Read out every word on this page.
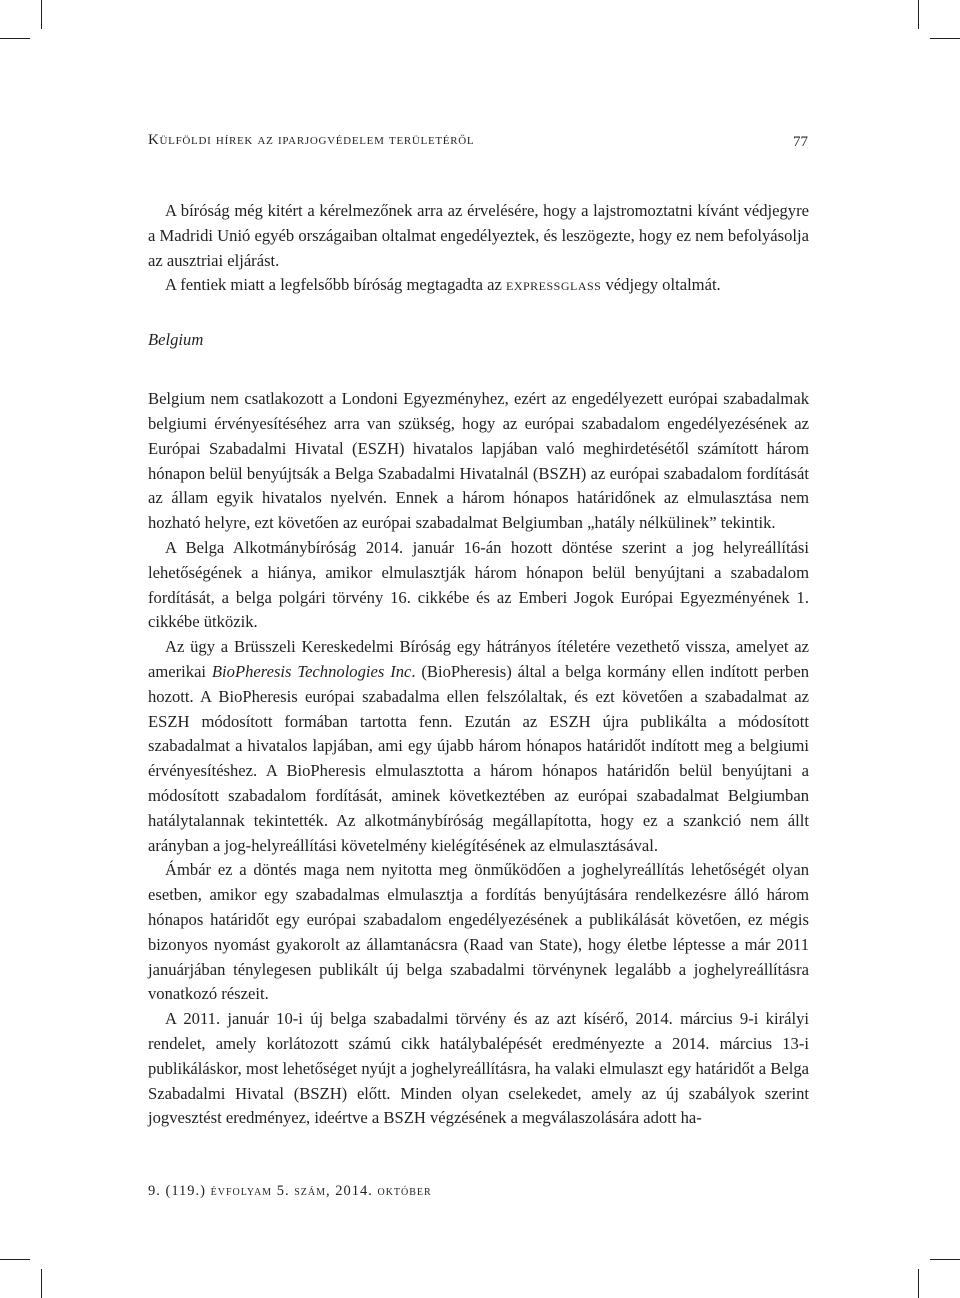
Külföldi hírek az iparjogvédelem területéről	77

A bíróság még kitért a kérelmezőnek arra az érvelésére, hogy a lajstromoztatni kívánt védjegyre a Madridi Unió egyéb országaiban oltalmat engedélyeztek, és leszögezte, hogy ez nem befolyásolja az ausztriai eljárást.

A fentiek miatt a legfelsőbb bíróság megtagadta az expressglass védjegy oltalmát.

Belgium

Belgium nem csatlakozott a Londoni Egyezményhez, ezért az engedélyezett európai szabadalmak belgiumi érvényesítéséhez arra van szükség, hogy az európai szabadalom engedélyezésének az Európai Szabadalmi Hivatal (ESZH) hivatalos lapjában való meghirdetésétől számított három hónapon belül benyújtsák a Belga Szabadalmi Hivatalnál (BSZH) az európai szabadalom fordítását az állam egyik hivatalos nyelvén. Ennek a három hónapos határidőnek az elmulasztása nem hozható helyre, ezt követően az európai szabadalmat Belgiumban „hatály nélkülinek” tekintik.

A Belga Alkotmánybíróság 2014. január 16-án hozott döntése szerint a jog helyreállítási lehetőségének a hiánya, amikor elmulasztják három hónapon belül benyújtani a szabadalom fordítását, a belga polgári törvény 16. cikkébe és az Emberi Jogok Európai Egyezményének 1. cikkébe ütközik.

Az ügy a Brüsszeli Kereskedelmi Bíróság egy hátrányos ítéletére vezethető vissza, amelyet az amerikai BioPheresis Technologies Inc. (BioPheresis) által a belga kormány ellen indított perben hozott. A BioPheresis európai szabadalma ellen felszólaltak, és ezt követően a szabadalmat az ESZH módosított formában tartotta fenn. Ezután az ESZH újra publikálta a módosított szabadalmat a hivatalos lapjában, ami egy újabb három hónapos határidőt indított meg a belgiumi érvényesítéshez. A BioPheresis elmulasztotta a három hónapos határidőn belül benyújtani a módosított szabadalom fordítását, aminek következtében az európai szabadalmat Belgiumban hatálytalannak tekintették. Az alkotmánybíróság megállapította, hogy ez a szankció nem állt arányban a jog-helyreállítási követelmény kielégítésének az elmulasztásával.

Ámbár ez a döntés maga nem nyitotta meg önműködően a joghelyreállítás lehetőségét olyan esetben, amikor egy szabadalmas elmulasztja a fordítás benyújtására rendelkezésre álló három hónapos határidőt egy európai szabadalom engedélyezésének a publikálását követően, ez mégis bizonyos nyomást gyakorolt az államtanácsra (Raad van State), hogy életbe léptesse a már 2011 januárjában ténylegesen publikált új belga szabadalmi törvénynek legalább a joghelyreállításra vonatkozó részeit.

A 2011. január 10-i új belga szabadalmi törvény és az azt kísérő, 2014. március 9-i királyi rendelet, amely korlátozott számú cikk hatálybalépését eredményezte a 2014. március 13-i publikáláskor, most lehetőséget nyújt a joghelyreállításra, ha valaki elmulaszt egy határidőt a Belga Szabadalmi Hivatal (BSZH) előtt. Minden olyan cselekedet, amely az új szabályok szerint jogvesztést eredményez, ideértve a BSZH végzésének a megválaszolására adott ha-

9. (119.) évfolyam 5. szám, 2014. október
